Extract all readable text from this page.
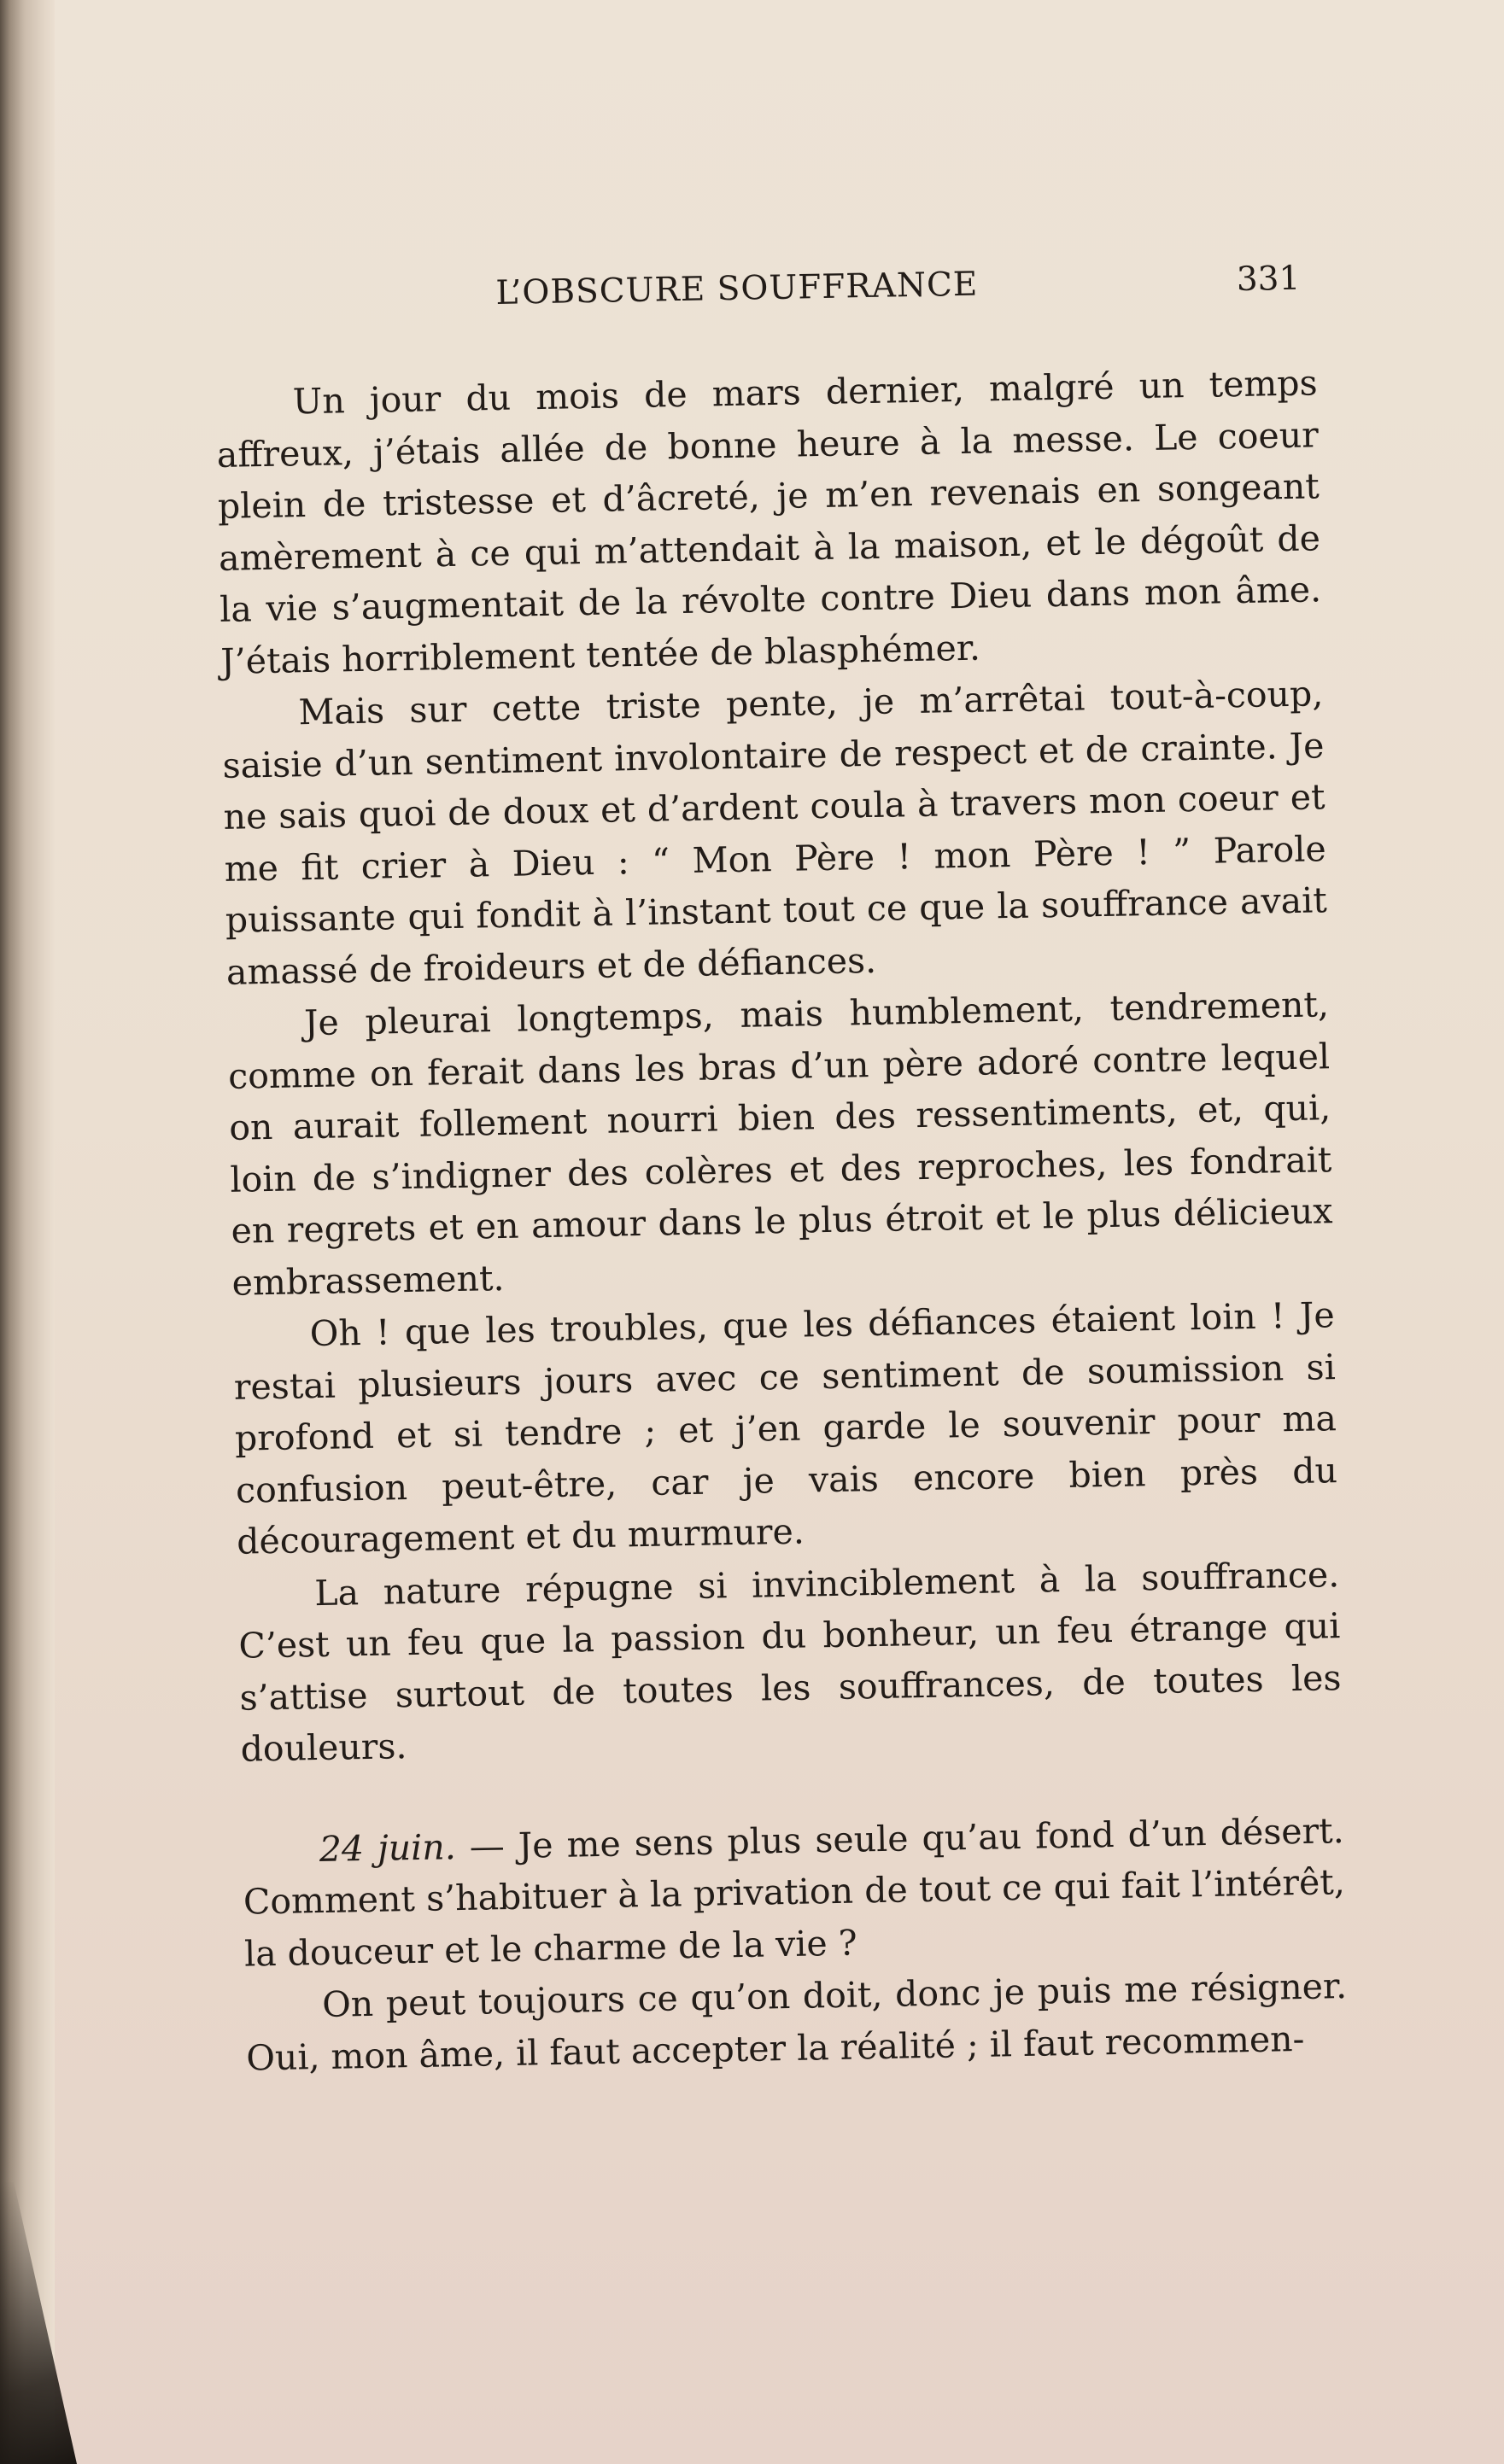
L’OBSCURE SOUFFRANCE	331

Un jour du mois de mars dernier, malgré un temps affreux, j’étais allée de bonne heure à la messe. Le coeur plein de tristesse et d’âcreté, je m’en revenais en songeant amèrement à ce qui m’attendait à la maison, et le dégoût de la vie s’augmentait de la révolte contre Dieu dans mon âme. J’étais horriblement tentée de blasphémer.

Mais sur cette triste pente, je m’arrêtai tout-à-coup, saisie d’un sentiment involontaire de respect et de crainte. Je ne sais quoi de doux et d’ardent coula à travers mon coeur et me fit crier à Dieu : “ Mon Père ! mon Père ! ” Parole puissante qui fondit à l’instant tout ce que la souffrance avait amassé de froideurs et de défiances.

Je pleurai longtemps, mais humblement, tendrement, comme on ferait dans les bras d’un père adoré contre lequel on aurait follement nourri bien des ressentiments, et, qui, loin de s’indigner des colères et des reproches, les fondrait en regrets et en amour dans le plus étroit et le plus délicieux embrassement.

Oh ! que les troubles, que les défiances étaient loin ! Je restai plusieurs jours avec ce sentiment de soumission si profond et si tendre ; et j’en garde le souvenir pour ma confusion peut-être, car je vais encore bien près du découragement et du murmure.

La nature répugne si invinciblement à la souffrance. C’est un feu que la passion du bonheur, un feu étrange qui s’attise surtout de toutes les souffrances, de toutes les douleurs.

24 juin. — Je me sens plus seule qu’au fond d’un désert. Comment s’habituer à la privation de tout ce qui fait l’intérêt, la douceur et le charme de la vie ?

On peut toujours ce qu’on doit, donc je puis me résigner. Oui, mon âme, il faut accepter la réalité ; il faut recommen-
